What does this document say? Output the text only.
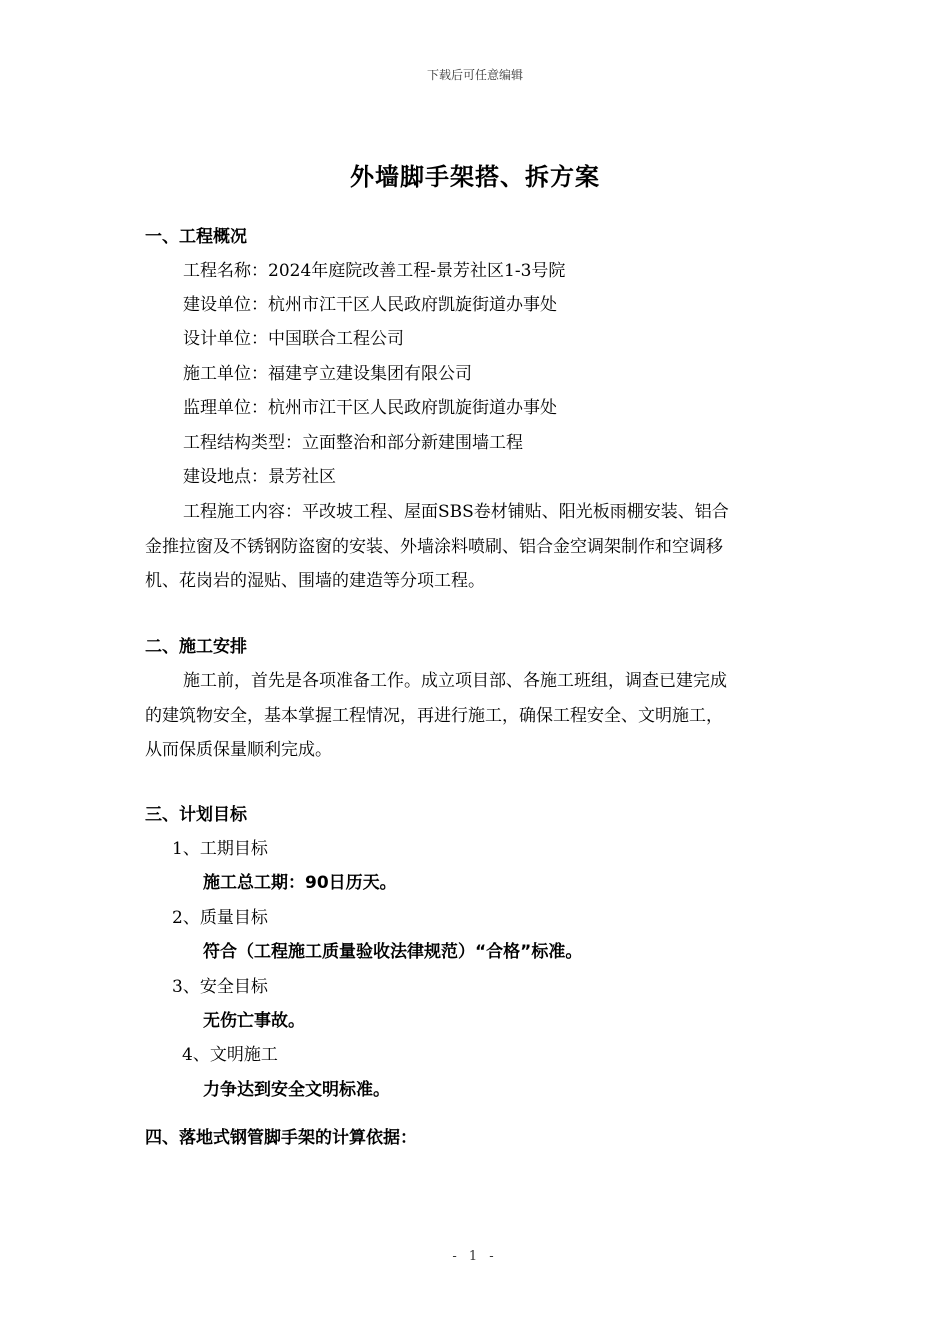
下载后可任意编辑
外墙脚手架搭、拆方案
一、工程概况
工程名称：2024年庭院改善工程-景芳社区1-3号院
建设单位：杭州市江干区人民政府凯旋街道办事处
设计单位：中国联合工程公司
施工单位：福建亨立建设集团有限公司
监理单位：杭州市江干区人民政府凯旋街道办事处
工程结构类型：立面整治和部分新建围墙工程
建设地点：景芳社区
工程施工内容：平改坡工程、屋面SBS卷材铺贴、阳光板雨棚安装、铝合
金推拉窗及不锈钢防盗窗的安装、外墙涂料喷刷、铝合金空调架制作和空调移
机、花岗岩的湿贴、围墙的建造等分项工程。
二、施工安排
施工前，首先是各项准备工作。成立项目部、各施工班组，调查已建完成
的建筑物安全，基本掌握工程情况，再进行施工，确保工程安全、文明施工，
从而保质保量顺利完成。
三、计划目标
1、工期目标
施工总工期：90日历天。
2、质量目标
符合（工程施工质量验收法律规范）“合格”标准。
3、安全目标
无伤亡事故。
4、文明施工
力争达到安全文明标准。
四、落地式钢管脚手架的计算依据：
- 1 -
